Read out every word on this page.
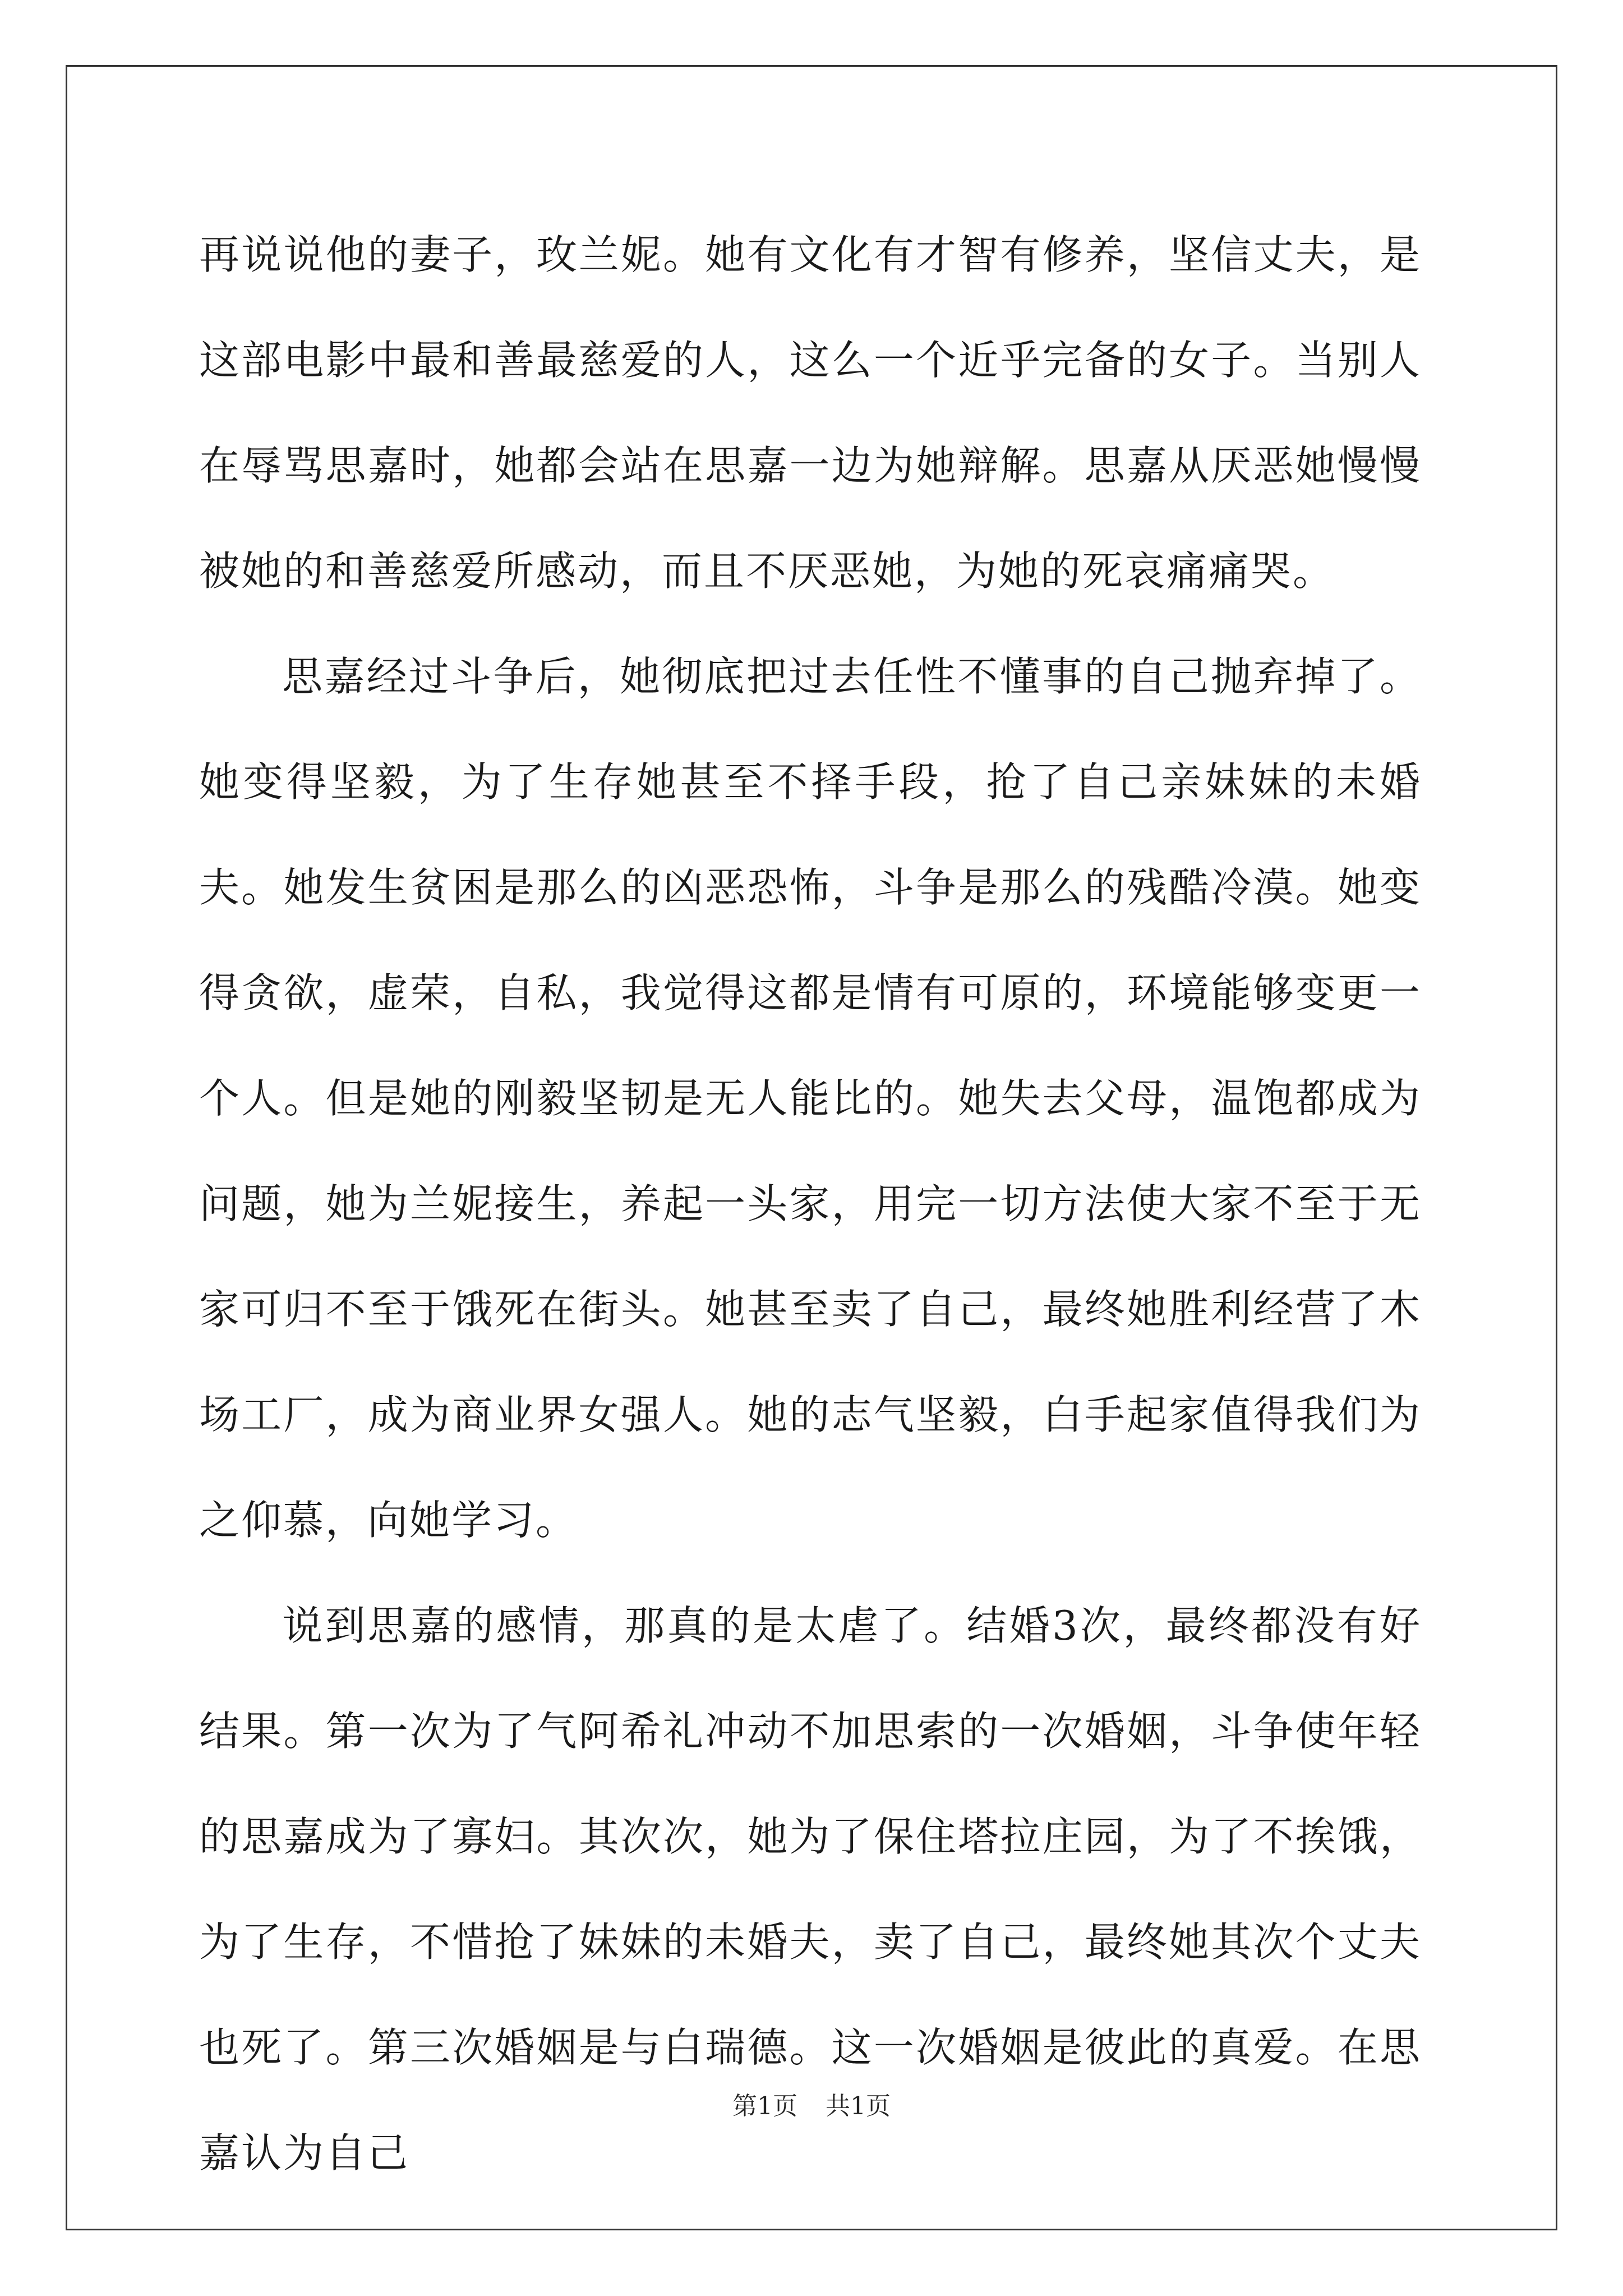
再说说他的妻子，玫兰妮。她有文化有才智有修养，坚信丈夫，是这部电影中最和善最慈爱的人，这么一个近乎完备的女子。当别人在辱骂思嘉时，她都会站在思嘉一边为她辩解。思嘉从厌恶她慢慢被她的和善慈爱所感动，而且不厌恶她，为她的死哀痛痛哭。

思嘉经过斗争后，她彻底把过去任性不懂事的自己抛弃掉了。她变得坚毅，为了生存她甚至不择手段，抢了自己亲妹妹的未婚夫。她发生贫困是那么的凶恶恐怖，斗争是那么的残酷冷漠。她变得贪欲，虚荣，自私，我觉得这都是情有可原的，环境能够变更一个人。但是她的刚毅坚韧是无人能比的。她失去父母，温饱都成为问题，她为兰妮接生，养起一头家，用完一切方法使大家不至于无家可归不至于饿死在街头。她甚至卖了自己，最终她胜利经营了木场工厂，成为商业界女强人。她的志气坚毅，白手起家值得我们为之仰慕，向她学习。

说到思嘉的感情，那真的是太虐了。结婚3次，最终都没有好结果。第一次为了气阿希礼冲动不加思索的一次婚姻，斗争使年轻的思嘉成为了寡妇。其次次，她为了保住塔拉庄园，为了不挨饿，为了生存，不惜抢了妹妹的未婚夫，卖了自己，最终她其次个丈夫也死了。第三次婚姻是与白瑞德。这一次婚姻是彼此的真爱。在思嘉认为自己

第1页 共1页
